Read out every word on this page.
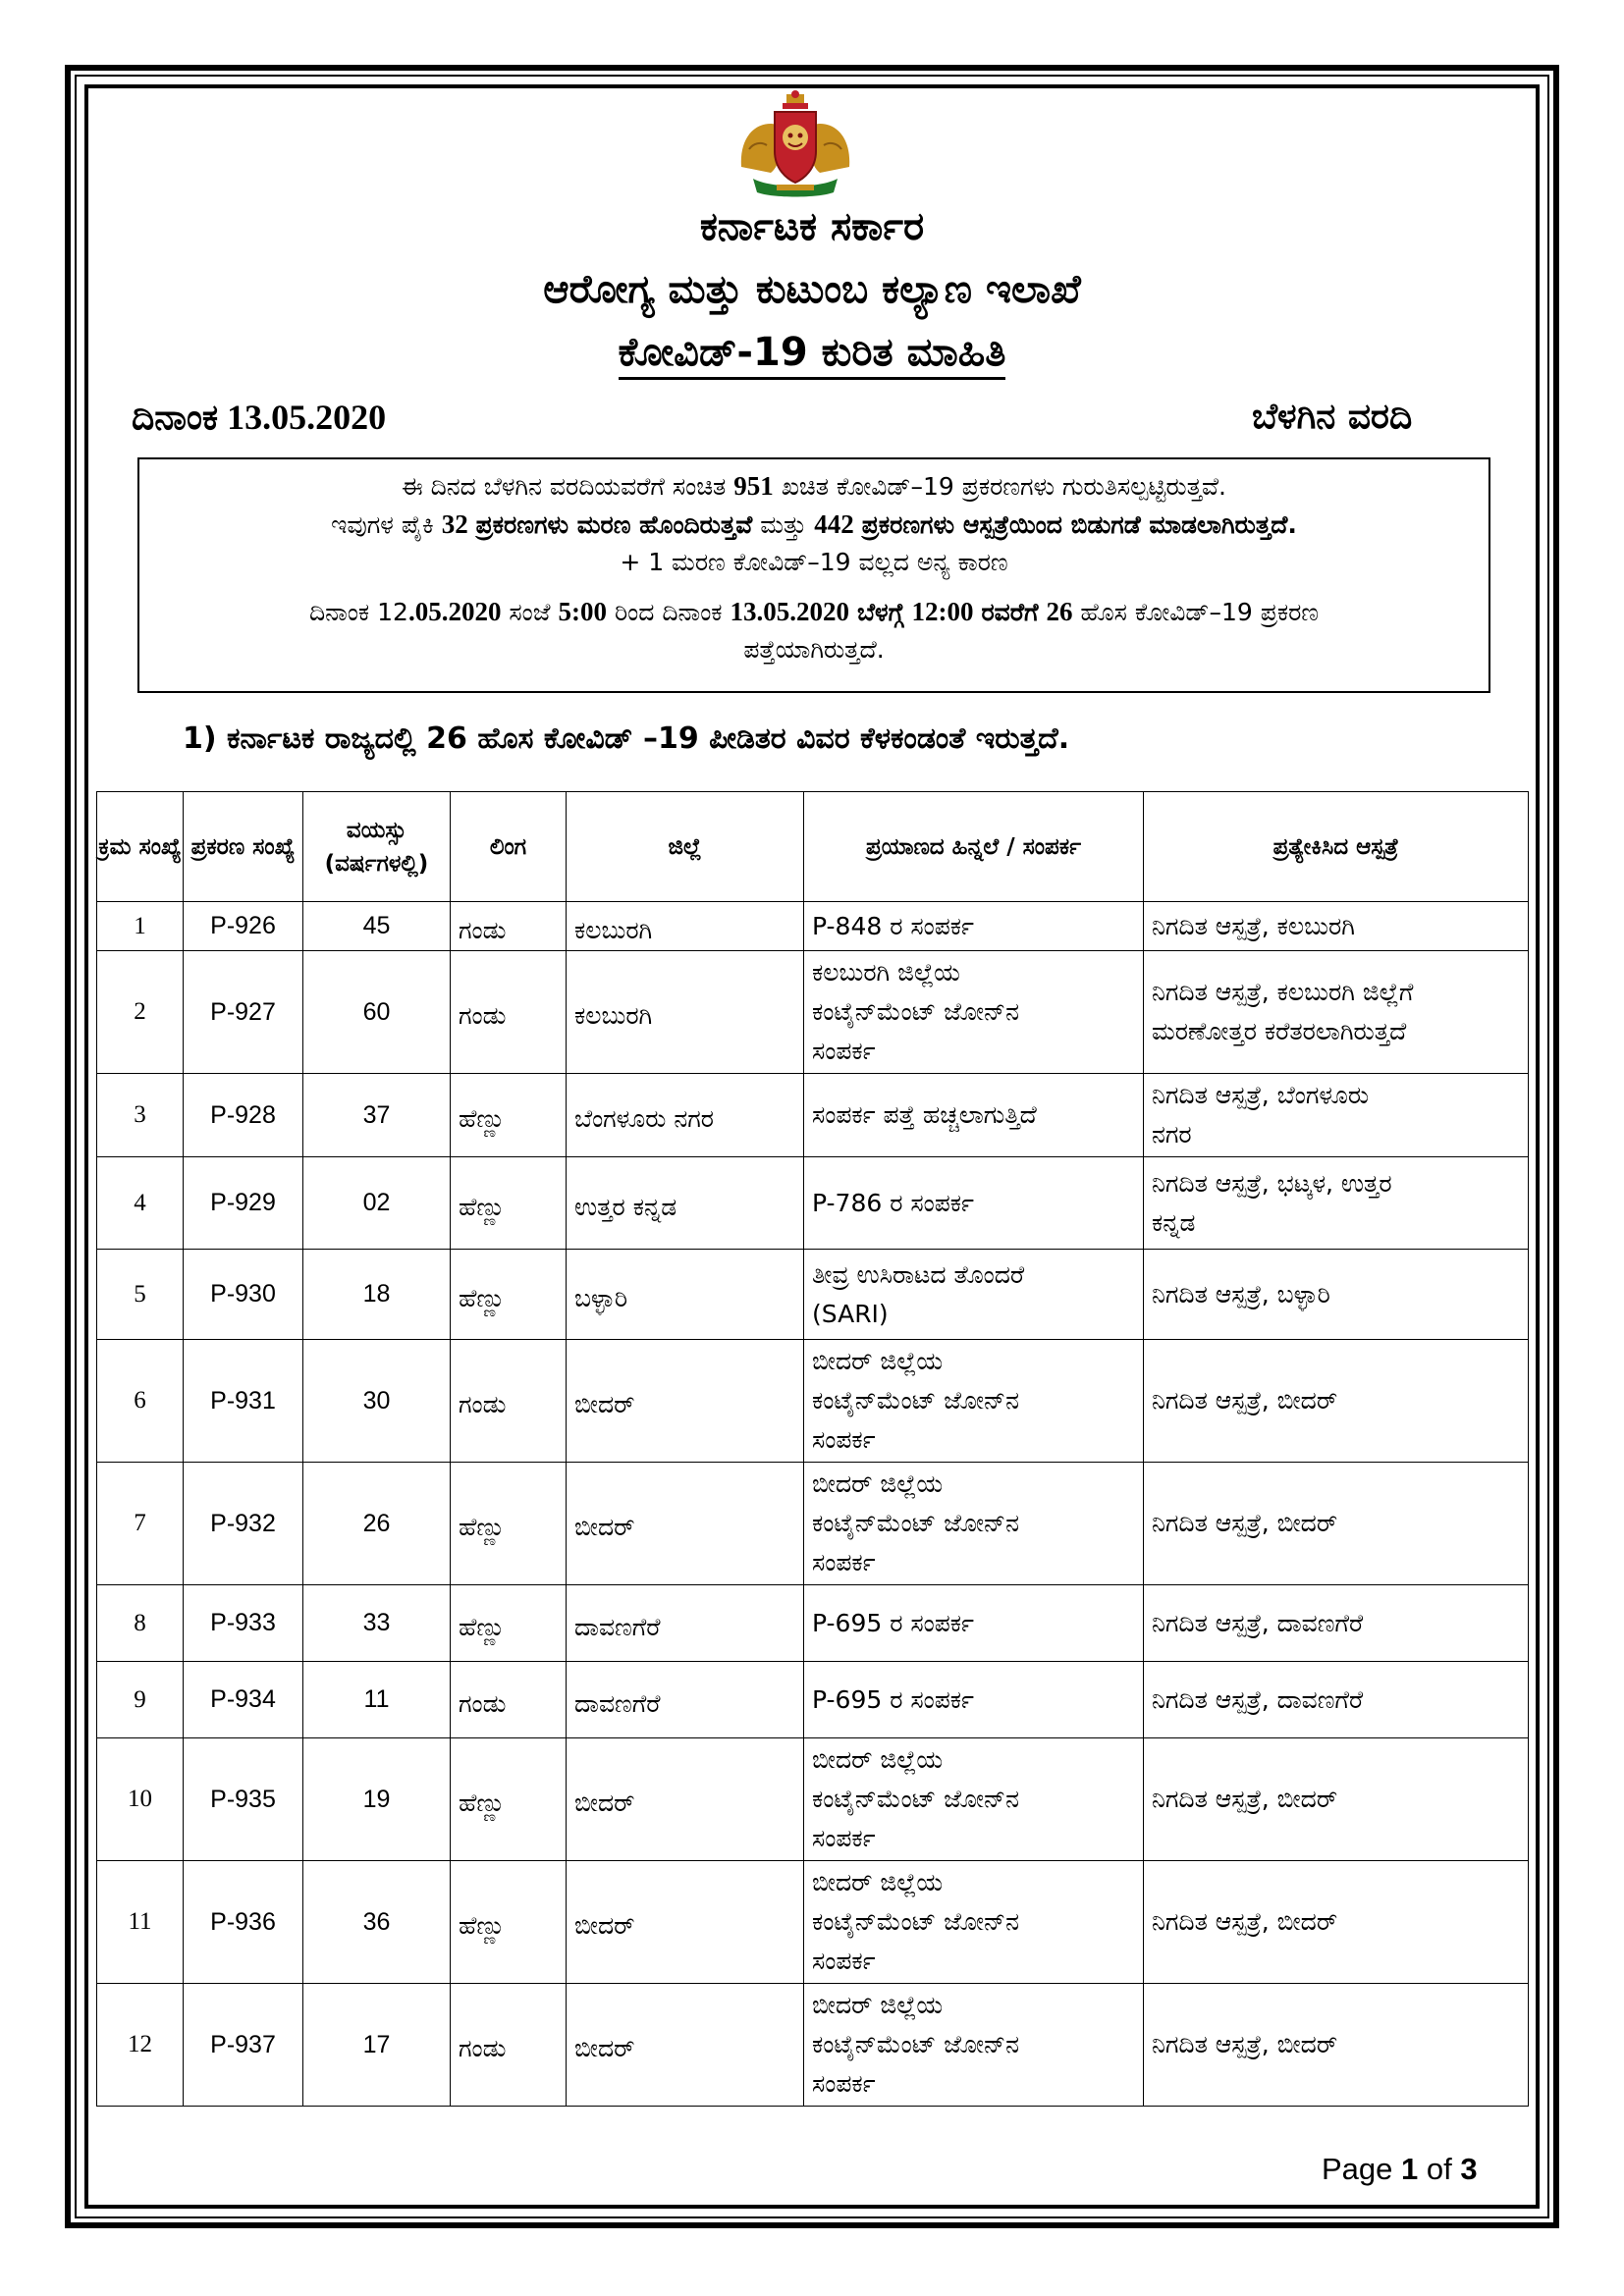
ಕರ್ನಾಟಕ ಸರ್ಕಾರ
ಆರೋಗ್ಯ ಮತ್ತು ಕುಟುಂಬ ಕಲ್ಯಾಣ ಇಲಾಖೆ
ಕೋವಿಡ್-19 ಕುರಿತ ಮಾಹಿತಿ
ದಿನಾಂಕ 13.05.2020	ಬೆಳಗಿನ ವರದಿ
ಈ ದಿನದ ಬೆಳಗಿನ ವರದಿಯವರೆಗೆ ಸಂಚಿತ 951 ಖಚಿತ ಕೋವಿಡ್–19 ಪ್ರಕರಣಗಳು ಗುರುತಿಸಲ್ಪಟ್ಟಿರುತ್ತವೆ.
ಇವುಗಳ ಪೈಕಿ 32 ಪ್ರಕರಣಗಳು ಮರಣ ಹೊಂದಿರುತ್ತವೆ ಮತ್ತು 442 ಪ್ರಕರಣಗಳು ಆಸ್ಪತ್ರೆಯಿಂದ ಬಿಡುಗಡೆ ಮಾಡಲಾಗಿರುತ್ತದೆ.
+ 1 ಮರಣ ಕೋವಿಡ್–19 ವಲ್ಲದ ಅನ್ಯ ಕಾರಣ
ದಿನಾಂಕ 12.05.2020 ಸಂಜೆ 5:00 ರಿಂದ ದಿನಾಂಕ 13.05.2020 ಬೆಳಗ್ಗೆ 12:00 ರವರೆಗೆ 26 ಹೊಸ ಕೋವಿಡ್–19 ಪ್ರಕರಣ
ಪತ್ತೆಯಾಗಿರುತ್ತದೆ.
1) ಕರ್ನಾಟಕ ರಾಜ್ಯದಲ್ಲಿ 26 ಹೊಸ ಕೋವಿಡ್ –19 ಪೀಡಿತರ ವಿವರ ಕೆಳಕಂಡಂತೆ ಇರುತ್ತದೆ.
ಕ್ರಮ ಸಂಖ್ಯೆ	ಪ್ರಕರಣ ಸಂಖ್ಯೆ	ವಯಸ್ಸು (ವರ್ಷಗಳಲ್ಲಿ)	ಲಿಂಗ	ಜಿಲ್ಲೆ	ಪ್ರಯಾಣದ ಹಿನ್ನಲೆ / ಸಂಪರ್ಕ	ಪ್ರತ್ಯೇಕಿಸಿದ ಆಸ್ಪತ್ರೆ
1	P-926	45	ಗಂಡು	ಕಲಬುರಗಿ	P-848 ರ ಸಂಪರ್ಕ	ನಿಗದಿತ ಆಸ್ಪತ್ರೆ, ಕಲಬುರಗಿ
2	P-927	60	ಗಂಡು	ಕಲಬುರಗಿ	ಕಲಬುರಗಿ ಜಿಲ್ಲೆಯ
ಕಂಟೈನ್‌ಮೆಂಟ್ ಜೋನ್‌ನ
ಸಂಪರ್ಕ	ನಿಗದಿತ ಆಸ್ಪತ್ರೆ, ಕಲಬುರಗಿ ಜಿಲ್ಲೆಗೆ
ಮರಣೋತ್ತರ ಕರೆತರಲಾಗಿರುತ್ತದೆ
3	P-928	37	ಹೆಣ್ಣು	ಬೆಂಗಳೂರು ನಗರ	ಸಂಪರ್ಕ ಪತ್ತೆ ಹಚ್ಚಲಾಗುತ್ತಿದೆ	ನಿಗದಿತ ಆಸ್ಪತ್ರೆ, ಬೆಂಗಳೂರು
ನಗರ
4	P-929	02	ಹೆಣ್ಣು	ಉತ್ತರ ಕನ್ನಡ	P-786 ರ ಸಂಪರ್ಕ	ನಿಗದಿತ ಆಸ್ಪತ್ರೆ, ಭಟ್ಕಳ, ಉತ್ತರ
ಕನ್ನಡ
5	P-930	18	ಹೆಣ್ಣು	ಬಳ್ಳಾರಿ	ತೀವ್ರ ಉಸಿರಾಟದ ತೊಂದರೆ
(SARI)	ನಿಗದಿತ ಆಸ್ಪತ್ರೆ, ಬಳ್ಳಾರಿ
6	P-931	30	ಗಂಡು	ಬೀದರ್	ಬೀದರ್ ಜಿಲ್ಲೆಯ
ಕಂಟೈನ್‌ಮೆಂಟ್ ಜೋನ್‌ನ
ಸಂಪರ್ಕ	ನಿಗದಿತ ಆಸ್ಪತ್ರೆ, ಬೀದರ್
7	P-932	26	ಹೆಣ್ಣು	ಬೀದರ್	ಬೀದರ್ ಜಿಲ್ಲೆಯ
ಕಂಟೈನ್‌ಮೆಂಟ್ ಜೋನ್‌ನ
ಸಂಪರ್ಕ	ನಿಗದಿತ ಆಸ್ಪತ್ರೆ, ಬೀದರ್
8	P-933	33	ಹೆಣ್ಣು	ದಾವಣಗೆರೆ	P-695 ರ ಸಂಪರ್ಕ	ನಿಗದಿತ ಆಸ್ಪತ್ರೆ, ದಾವಣಗೆರೆ
9	P-934	11	ಗಂಡು	ದಾವಣಗೆರೆ	P-695 ರ ಸಂಪರ್ಕ	ನಿಗದಿತ ಆಸ್ಪತ್ರೆ, ದಾವಣಗೆರೆ
10	P-935	19	ಹೆಣ್ಣು	ಬೀದರ್	ಬೀದರ್ ಜಿಲ್ಲೆಯ
ಕಂಟೈನ್‌ಮೆಂಟ್ ಜೋನ್‌ನ
ಸಂಪರ್ಕ	ನಿಗದಿತ ಆಸ್ಪತ್ರೆ, ಬೀದರ್
11	P-936	36	ಹೆಣ್ಣು	ಬೀದರ್	ಬೀದರ್ ಜಿಲ್ಲೆಯ
ಕಂಟೈನ್‌ಮೆಂಟ್ ಜೋನ್‌ನ
ಸಂಪರ್ಕ	ನಿಗದಿತ ಆಸ್ಪತ್ರೆ, ಬೀದರ್
12	P-937	17	ಗಂಡು	ಬೀದರ್	ಬೀದರ್ ಜಿಲ್ಲೆಯ
ಕಂಟೈನ್‌ಮೆಂಟ್ ಜೋನ್‌ನ
ಸಂಪರ್ಕ	ನಿಗದಿತ ಆಸ್ಪತ್ರೆ, ಬೀದರ್
Page 1 of 3
